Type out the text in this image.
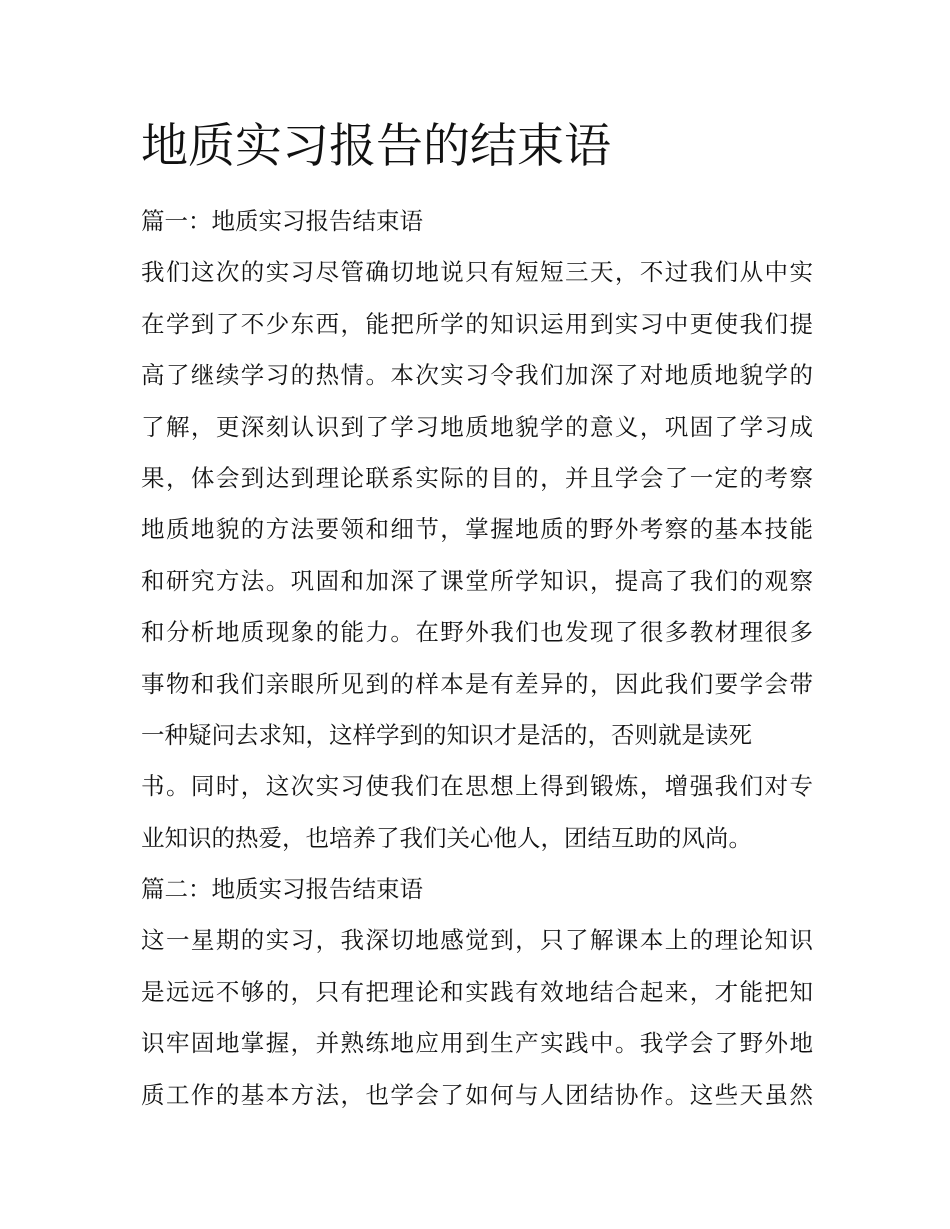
地质实习报告的结束语
篇一：地质实习报告结束语
我们这次的实习尽管确切地说只有短短三天，不过我们从中实
在学到了不少东西，能把所学的知识运用到实习中更使我们提
高了继续学习的热情。本次实习令我们加深了对地质地貌学的
了解，更深刻认识到了学习地质地貌学的意义，巩固了学习成
果，体会到达到理论联系实际的目的，并且学会了一定的考察
地质地貌的方法要领和细节，掌握地质的野外考察的基本技能
和研究方法。巩固和加深了课堂所学知识，提高了我们的观察
和分析地质现象的能力。在野外我们也发现了很多教材理很多
事物和我们亲眼所见到的样本是有差异的，因此我们要学会带
一种疑问去求知，这样学到的知识才是活的，否则就是读死
书。同时，这次实习使我们在思想上得到锻炼，增强我们对专
业知识的热爱，也培养了我们关心他人，团结互助的风尚。
篇二：地质实习报告结束语
这一星期的实习，我深切地感觉到，只了解课本上的理论知识
是远远不够的，只有把理论和实践有效地结合起来，才能把知
识牢固地掌握，并熟练地应用到生产实践中。我学会了野外地
质工作的基本方法，也学会了如何与人团结协作。这些天虽然
